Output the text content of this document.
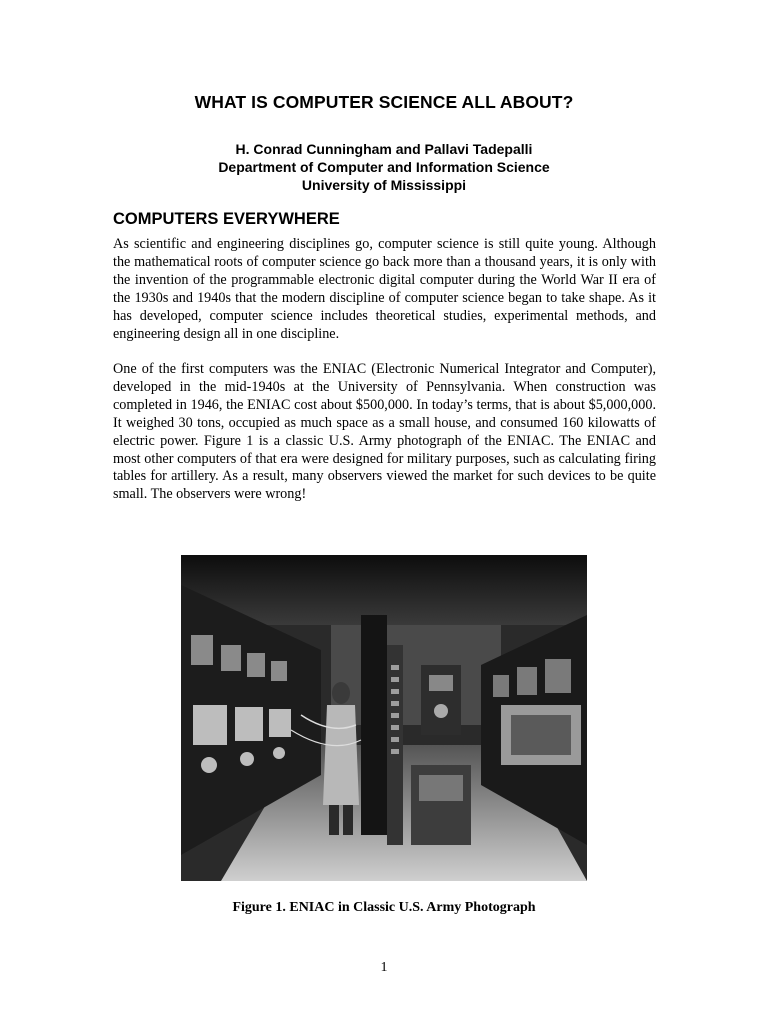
WHAT IS COMPUTER SCIENCE ALL ABOUT?
H. Conrad Cunningham and Pallavi Tadepalli
Department of Computer and Information Science
University of Mississippi
COMPUTERS EVERYWHERE

As scientific and engineering disciplines go, computer science is still quite young. Although the mathematical roots of computer science go back more than a thousand years, it is only with the invention of the programmable electronic digital computer during the World War II era of the 1930s and 1940s that the modern discipline of computer science began to take shape. As it has developed, computer science includes theoretical studies, experimental methods, and engineering design all in one discipline.

One of the first computers was the ENIAC (Electronic Numerical Integrator and Computer), developed in the mid-1940s at the University of Pennsylvania. When construction was completed in 1946, the ENIAC cost about $500,000. In today’s terms, that is about $5,000,000. It weighed 30 tons, occupied as much space as a small house, and consumed 160 kilowatts of electric power. Figure 1 is a classic U.S. Army photograph of the ENIAC. The ENIAC and most other computers of that era were designed for military purposes, such as calculating firing tables for artillery. As a result, many observers viewed the market for such devices to be quite small. The observers were wrong!

Figure 1. ENIAC in Classic U.S. Army Photograph
1
